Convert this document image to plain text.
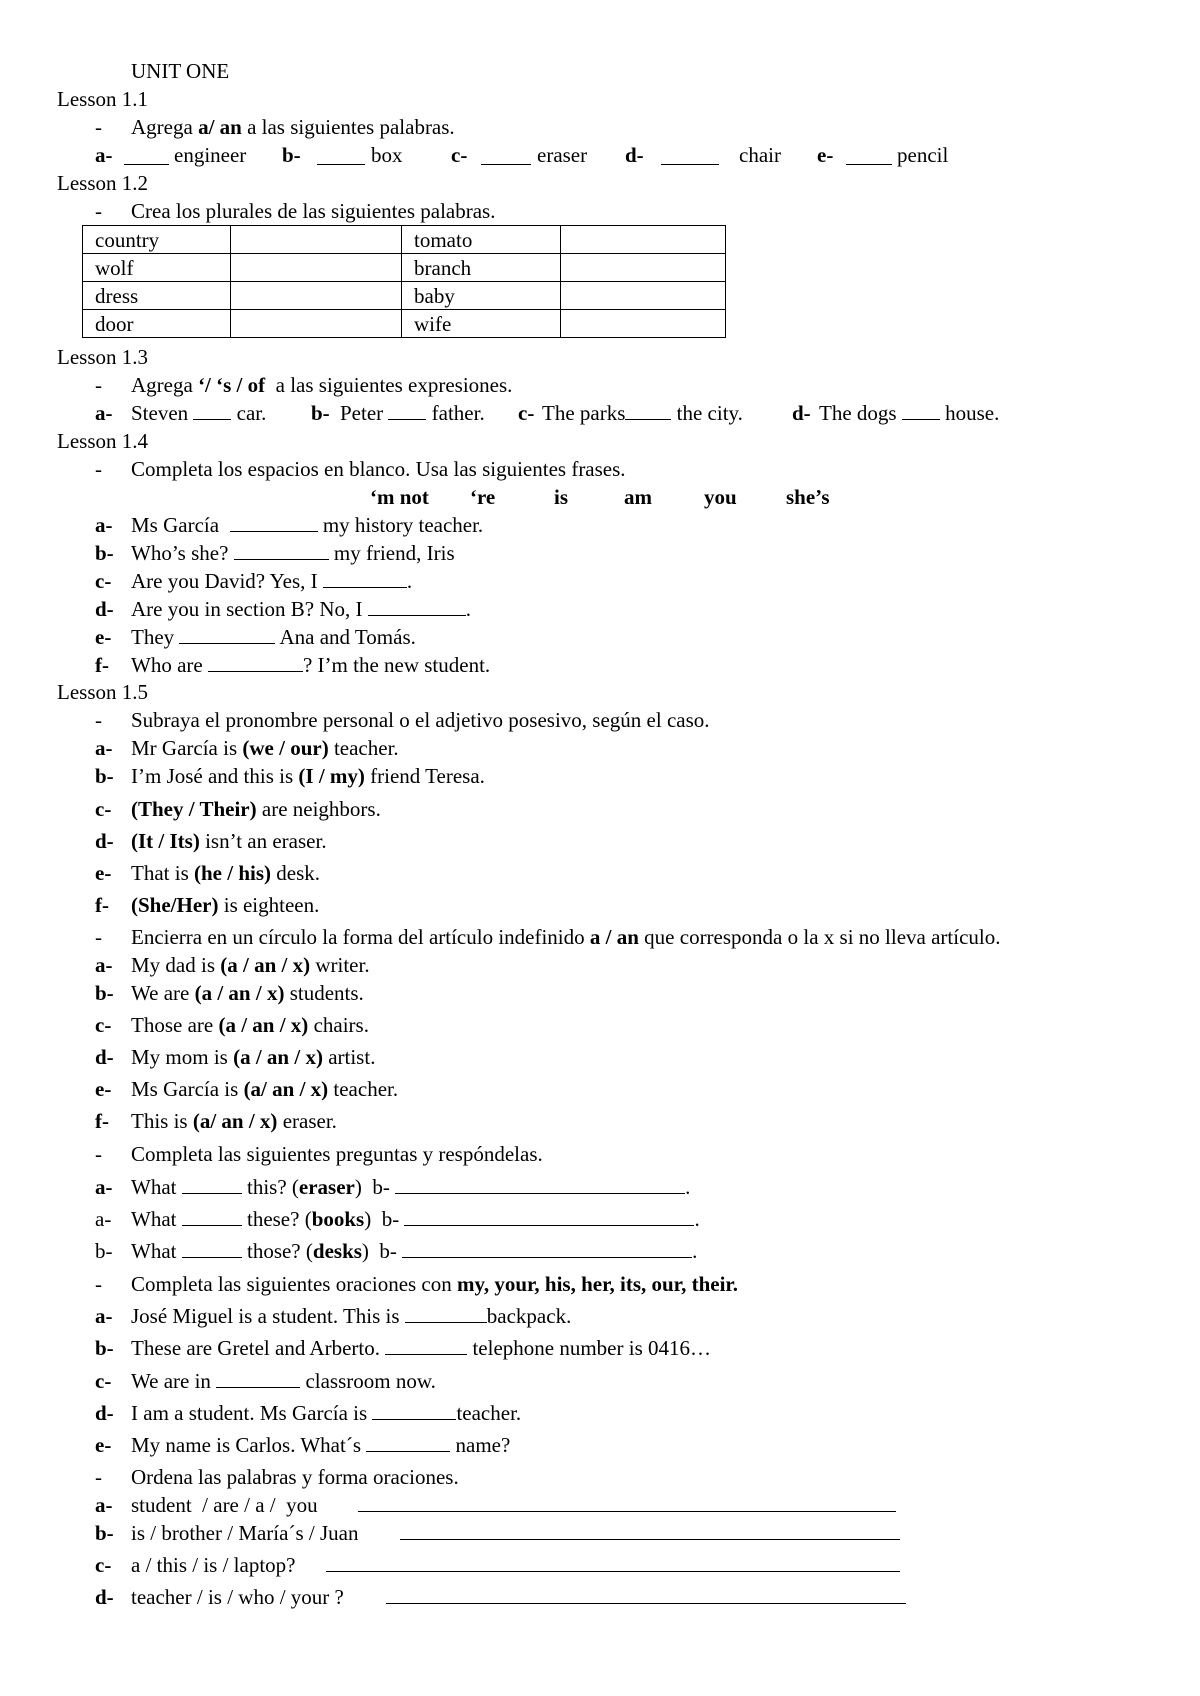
UNIT ONE
Lesson 1.1
- Agrega a/ an a las siguientes palabras.
a-	engineer b-	box c-	eraser d-	chair e-	pencil
Lesson 1.2
- Crea los plurales de las siguientes palabras.
country		tomato	
wolf		branch	
dress		baby	
door		wife	
Lesson 1.3
- Agrega ‘/ ‘s / of  a las siguientes expresiones.
a- Steven  car. b- Peter  father. c- The parks the city. d- The dogs  house.
Lesson 1.4
- Completa los espacios en blanco. Usa las siguientes frases.
‘m not ‘re	is	am you she’s
a- Ms García	my history teacher.
b- Who’s she?	my friend, Iris
c- Are you David? Yes, I	.
d- Are you in section B? No, I	.
e- They	Ana and Tomás.
f- Who are	? I’m the new student.
Lesson 1.5
- Subraya el pronombre personal o el adjetivo posesivo, según el caso.
a- Mr García is (we / our) teacher.
b- I’m José and this is (I / my) friend Teresa.
c- (They / Their) are neighbors.
d- (It / Its) isn’t an eraser.
e- That is (he / his) desk.
f- (She/Her) is eighteen.
- Encierra en un círculo la forma del artículo indefinido a / an que corresponda o la x si no lleva artículo.
a- My dad is (a / an / x) writer.
b- We are (a / an / x) students.
c- Those are (a / an / x) chairs.
d- My mom is (a / an / x) artist.
e- Ms García is (a/ an / x) teacher.
f- This is (a/ an / x) eraser.
- Completa las siguientes preguntas y respóndelas.
a- What	this? (eraser)  b-	.
a- What	these? (books)  b-	.
b- What	those? (desks)  b-	.
- Completa las siguientes oraciones con my, your, his, her, its, our, their.
a- José Miguel is a student. This is	backpack.
b- These are Gretel and Arberto.	telephone number is 0416…
c- We are in	classroom now.
d- I am a student. Ms García is	teacher.
e- My name is Carlos. What´s	name?
- Ordena las palabras y forma oraciones.
a- student  / are / a /  you
b- is / brother / María´s / Juan
c- a / this / is / laptop?
d- teacher / is / who / your ?
